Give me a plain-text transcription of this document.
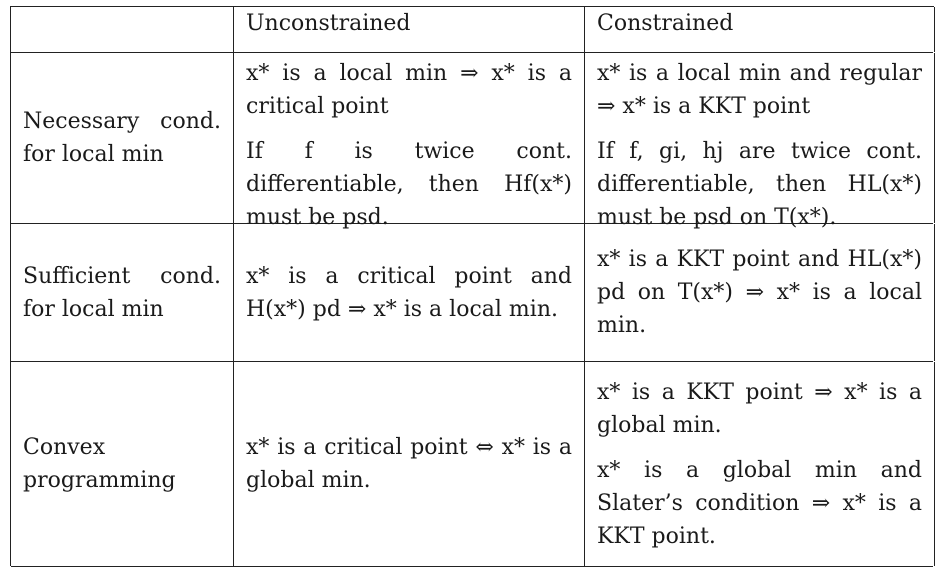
Unconstrained	Constrained
Necessary cond. for local min
x* is a local min ⇒ x* is a critical point
If f is twice cont. differentiable, then Hf(x*) must be psd.
x* is a local min and regular ⇒ x* is a KKT point
If f, gi, hj are twice cont. differentiable, then HL(x*) must be psd on T(x*).
Sufficient cond. for local min
x* is a critical point and H(x*) pd ⇒ x* is a local min.
x* is a KKT point and HL(x*) pd on T(x*) ⇒ x* is a local min.
Convex programming
x* is a critical point ⇔ x* is a global min.
x* is a KKT point ⇒ x* is a global min.
x* is a global min and Slater’s condition ⇒ x* is a KKT point.
